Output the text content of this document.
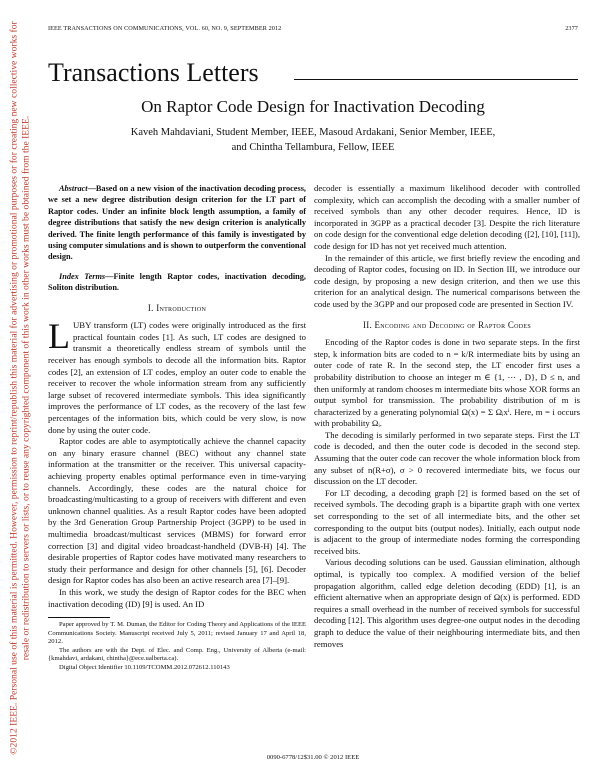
©2012 IEEE. Personal use of this material is permitted. However, permission to reprint/republish this material for advertising or promotional purposes or for creating new collective works for resale or redistribution to servers or lists, or to reuse any copyrighted component of this work in other works must be obtained from the IEEE.
IEEE TRANSACTIONS ON COMMUNICATIONS, VOL. 60, NO. 9, SEPTEMBER 2012	2377
Transactions Letters
On Raptor Code Design for Inactivation Decoding
Kaveh Mahdaviani, Student Member, IEEE, Masoud Ardakani, Senior Member, IEEE,
and Chintha Tellambura, Fellow, IEEE

Abstract—Based on a new vision of the inactivation decoding process, we set a new degree distribution design criterion for the LT part of Raptor codes. Under an infinite block length assumption, a family of degree distributions that satisfy the new design criterion is analytically derived. The finite length performance of this family is investigated by using computer simulations and is shown to outperform the conventional design.

Index Terms—Finite length Raptor codes, inactivation decoding, Soliton distribution.

I. Introduction

LUBY transform (LT) codes were originally introduced as the first practical fountain codes [1]. As such, LT codes are designed to transmit a theoretically endless stream of symbols until the receiver has enough symbols to decode all the information bits. Raptor codes [2], an extension of LT codes, employ an outer code to enable the receiver to recover the whole information stream from any sufficiently large subset of recovered intermediate symbols. This idea significantly improves the performance of LT codes, as the recovery of the last few percentages of the information bits, which could be very slow, is now done by using the outer code.

Raptor codes are able to asymptotically achieve the channel capacity on any binary erasure channel (BEC) without any channel state information at the transmitter or the receiver. This universal capacity-achieving property enables optimal performance even in time-varying channels. Accordingly, these codes are the natural choice for broadcasting/multicasting to a group of receivers with different and even unknown channel qualities. As a result Raptor codes have been adopted by the 3rd Generation Group Partnership Project (3GPP) to be used in multimedia broadcast/multicast services (MBMS) for forward error correction [3] and digital video broadcast-handheld (DVB-H) [4]. The desirable properties of Raptor codes have motivated many researchers to study their performance and design for other channels [5], [6]. Decoder design for Raptor codes has also been an active research area [7]–[9].

In this work, we study the design of Raptor codes for the BEC when inactivation decoding (ID) [9] is used. An ID

Paper approved by T. M. Duman, the Editor for Coding Theory and Applications of the IEEE Communications Society. Manuscript received July 5, 2011; revised January 17 and April 18, 2012.

The authors are with the Dept. of Elec. and Comp. Eng., University of Alberta (e-mail: {kmahdavi, ardakani, chintha}@ece.ualberta.ca).

Digital Object Identifier 10.1109/TCOMM.2012.072612.110143

decoder is essentially a maximum likelihood decoder with controlled complexity, which can accomplish the decoding with a smaller number of received symbols than any other decoder requires. Hence, ID is incorporated in 3GPP as a practical decoder [3]. Despite the rich literature on code design for the conventional edge deletion decoding ([2], [10], [11]), code design for ID has not yet received much attention.

In the remainder of this article, we first briefly review the encoding and decoding of Raptor codes, focusing on ID. In Section III, we introduce our code design, by proposing a new design criterion, and then we use this criterion for an analytical design. The numerical comparisons between the code used by the 3GPP and our proposed code are presented in Section IV.

II. Encoding and Decoding of Raptor Codes

Encoding of the Raptor codes is done in two separate steps. In the first step, k information bits are coded to n = k/R intermediate bits by using an outer code of rate R. In the second step, the LT encoder first uses a probability distribution to choose an integer m ∈ {1, ⋯ , D}, D ≤ n, and then uniformly at random chooses m intermediate bits whose XOR forms an output symbol for transmission. The probability distribution of m is characterized by a generating polynomial Ω(x) = Σ Ωᵢxⁱ. Here, m = i occurs with probability Ωᵢ.

The decoding is similarly performed in two separate steps. First the LT code is decoded, and then the outer code is decoded in the second step. Assuming that the outer code can recover the whole information block from any subset of n(R+σ), σ > 0 recovered intermediate bits, we focus our discussion on the LT decoder.

For LT decoding, a decoding graph [2] is formed based on the set of received symbols. The decoding graph is a bipartite graph with one vertex set corresponding to the set of all intermediate bits, and the other set corresponding to the output bits (output nodes). Initially, each output node is adjacent to the group of intermediate nodes forming the corresponding received bits.

Various decoding solutions can be used. Gaussian elimination, although optimal, is typically too complex. A modified version of the belief propagation algorithm, called edge deletion decoding (EDD) [1], is an efficient alternative when an appropriate design of Ω(x) is performed. EDD requires a small overhead in the number of received symbols for successful decoding [12]. This algorithm uses degree-one output nodes in the decoding graph to deduce the value of their neighbouring intermediate bits, and then removes

0090-6778/12$31.00 © 2012 IEEE
